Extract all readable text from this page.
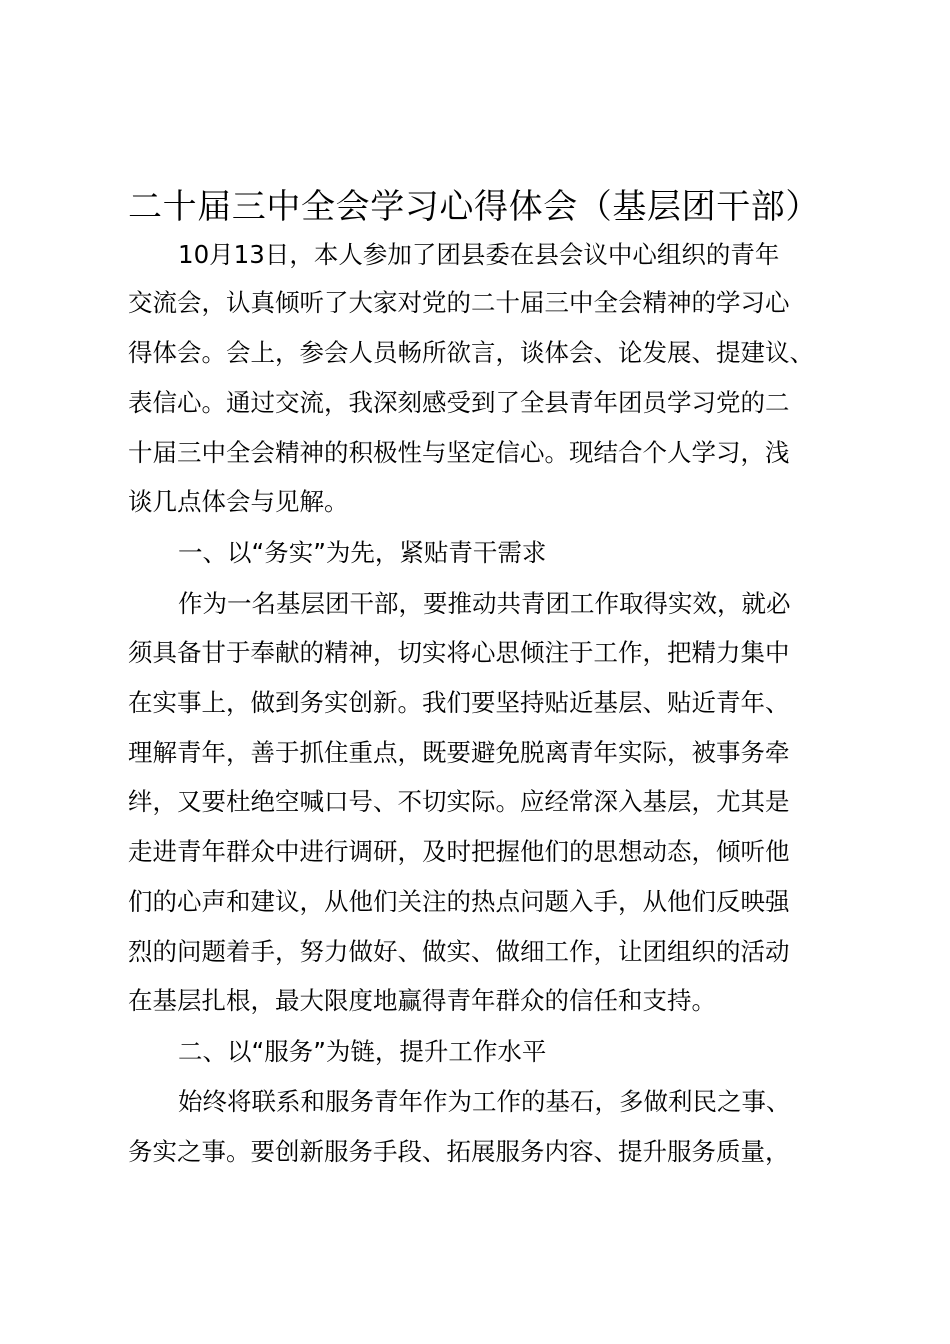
二十届三中全会学习心得体会（基层团干部）
10月13日，本人参加了团县委在县会议中心组织的青年
交流会，认真倾听了大家对党的二十届三中全会精神的学习心
得体会。会上，参会人员畅所欲言，谈体会、论发展、提建议、
表信心。通过交流，我深刻感受到了全县青年团员学习党的二
十届三中全会精神的积极性与坚定信心。现结合个人学习，浅
谈几点体会与见解。
一、以“务实”为先，紧贴青干需求
作为一名基层团干部，要推动共青团工作取得实效，就必
须具备甘于奉献的精神，切实将心思倾注于工作，把精力集中
在实事上，做到务实创新。我们要坚持贴近基层、贴近青年、
理解青年，善于抓住重点，既要避免脱离青年实际，被事务牵
绊，又要杜绝空喊口号、不切实际。应经常深入基层，尤其是
走进青年群众中进行调研，及时把握他们的思想动态，倾听他
们的心声和建议，从他们关注的热点问题入手，从他们反映强
烈的问题着手，努力做好、做实、做细工作，让团组织的活动
在基层扎根，最大限度地赢得青年群众的信任和支持。
二、以“服务”为链，提升工作水平
始终将联系和服务青年作为工作的基石，多做利民之事、
务实之事。要创新服务手段、拓展服务内容、提升服务质量，
